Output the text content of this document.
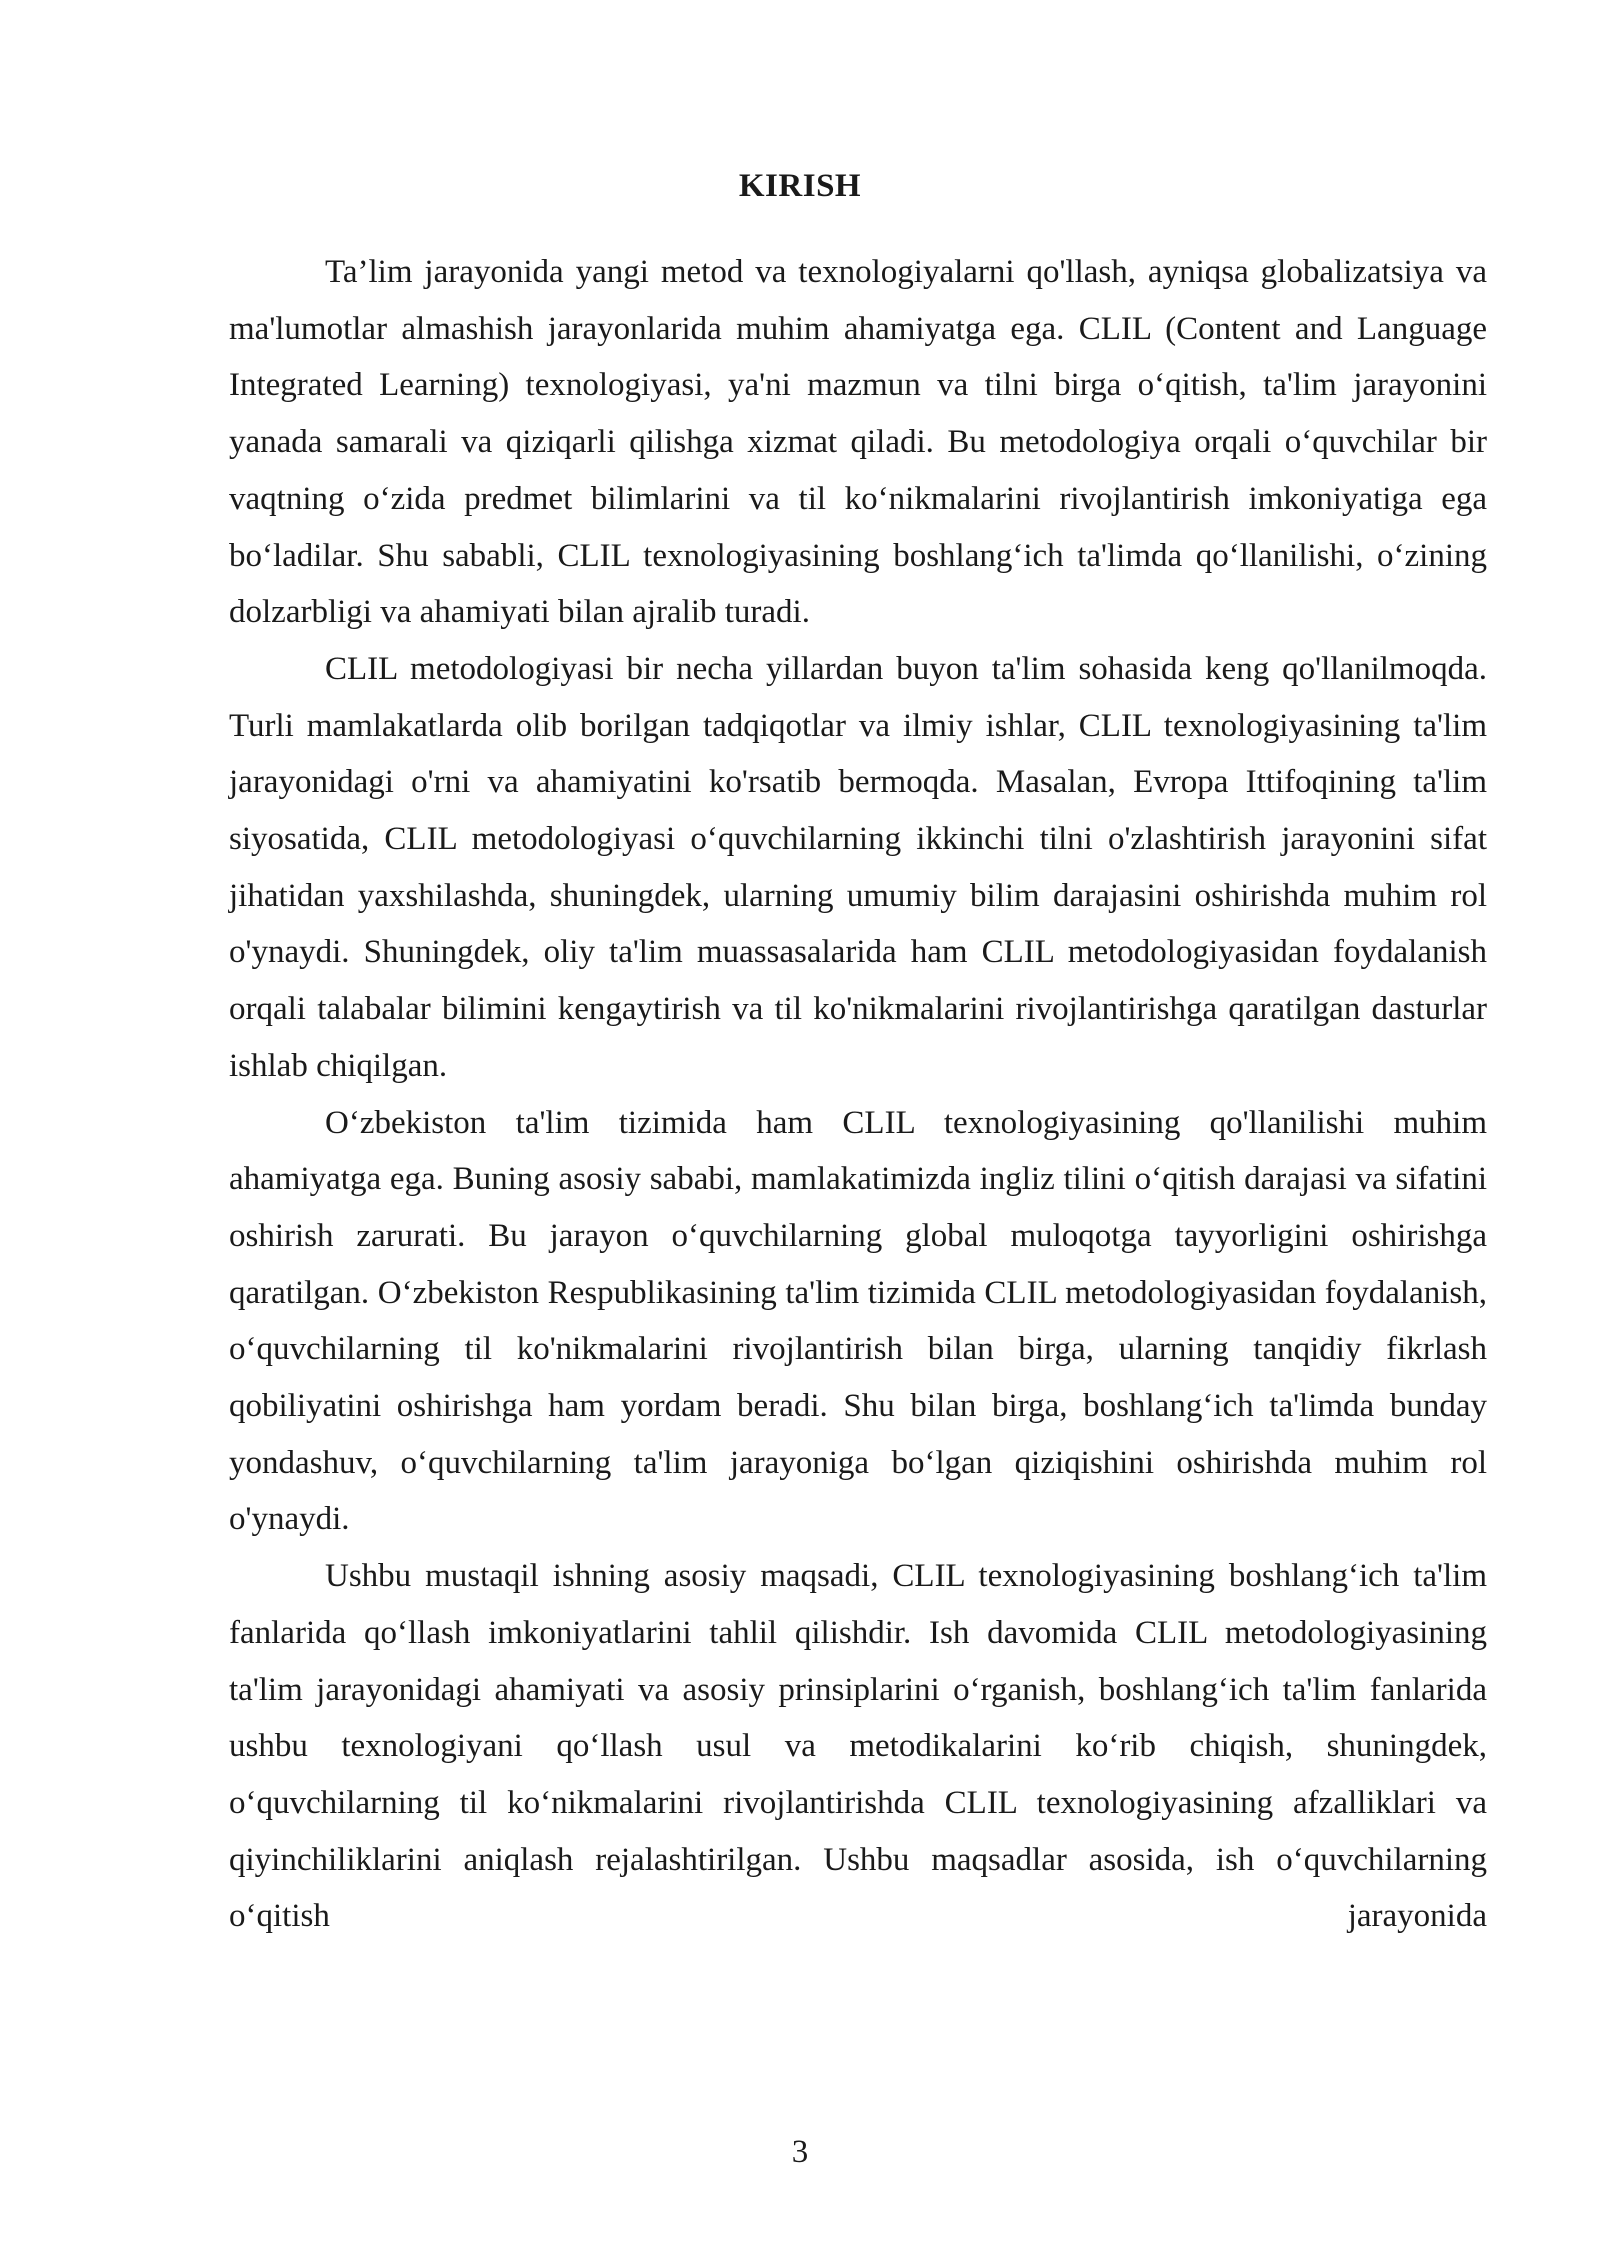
KIRISH

Ta’lim jarayonida yangi metod va texnologiyalarni qo'llash, ayniqsa globalizatsiya va ma'lumotlar almashish jarayonlarida muhim ahamiyatga ega. CLIL (Content and Language Integrated Learning) texnologiyasi, ya'ni mazmun va tilni birga o‘qitish, ta'lim jarayonini yanada samarali va qiziqarli qilishga xizmat qiladi. Bu metodologiya orqali o‘quvchilar bir vaqtning o‘zida predmet bilimlarini va til ko‘nikmalarini rivojlantirish imkoniyatiga ega bo‘ladilar. Shu sababli, CLIL texnologiyasining boshlang‘ich ta'limda qo‘llanilishi, o‘zining dolzarbligi va ahamiyati bilan ajralib turadi.

CLIL metodologiyasi bir necha yillardan buyon ta'lim sohasida keng qo'llanilmoqda. Turli mamlakatlarda olib borilgan tadqiqotlar va ilmiy ishlar, CLIL texnologiyasining ta'lim jarayonidagi o'rni va ahamiyatini ko'rsatib bermoqda. Masalan, Evropa Ittifoqining ta'lim siyosatida, CLIL metodologiyasi o‘quvchilarning ikkinchi tilni o'zlashtirish jarayonini sifat jihatidan yaxshilashda, shuningdek, ularning umumiy bilim darajasini oshirishda muhim rol o'ynaydi. Shuningdek, oliy ta'lim muassasalarida ham CLIL metodologiyasidan foydalanish orqali talabalar bilimini kengaytirish va til ko'nikmalarini rivojlantirishga qaratilgan dasturlar ishlab chiqilgan.

O‘zbekiston ta'lim tizimida ham CLIL texnologiyasining qo'llanilishi muhim ahamiyatga ega. Buning asosiy sababi, mamlakatimizda ingliz tilini o‘qitish darajasi va sifatini oshirish zarurati. Bu jarayon o‘quvchilarning global muloqotga tayyorligini oshirishga qaratilgan. O‘zbekiston Respublikasining ta'lim tizimida CLIL metodologiyasidan foydalanish, o‘quvchilarning til ko'nikmalarini rivojlantirish bilan birga, ularning tanqidiy fikrlash qobiliyatini oshirishga ham yordam beradi. Shu bilan birga, boshlang‘ich ta'limda bunday yondashuv, o‘quvchilarning ta'lim jarayoniga bo‘lgan qiziqishini oshirishda muhim rol o'ynaydi.

Ushbu mustaqil ishning asosiy maqsadi, CLIL texnologiyasining boshlang‘ich ta'lim fanlarida qo‘llash imkoniyatlarini tahlil qilishdir. Ish davomida CLIL metodologiyasining ta'lim jarayonidagi ahamiyati va asosiy prinsiplarini o‘rganish, boshlang‘ich ta'lim fanlarida ushbu texnologiyani qo‘llash usul va metodikalarini ko‘rib chiqish, shuningdek, o‘quvchilarning til ko‘nikmalarini rivojlantirishda CLIL texnologiyasining afzalliklari va qiyinchiliklarini aniqlash rejalashtirilgan. Ushbu maqsadlar asosida, ish o‘quvchilarning o‘qitish jarayonida

3
